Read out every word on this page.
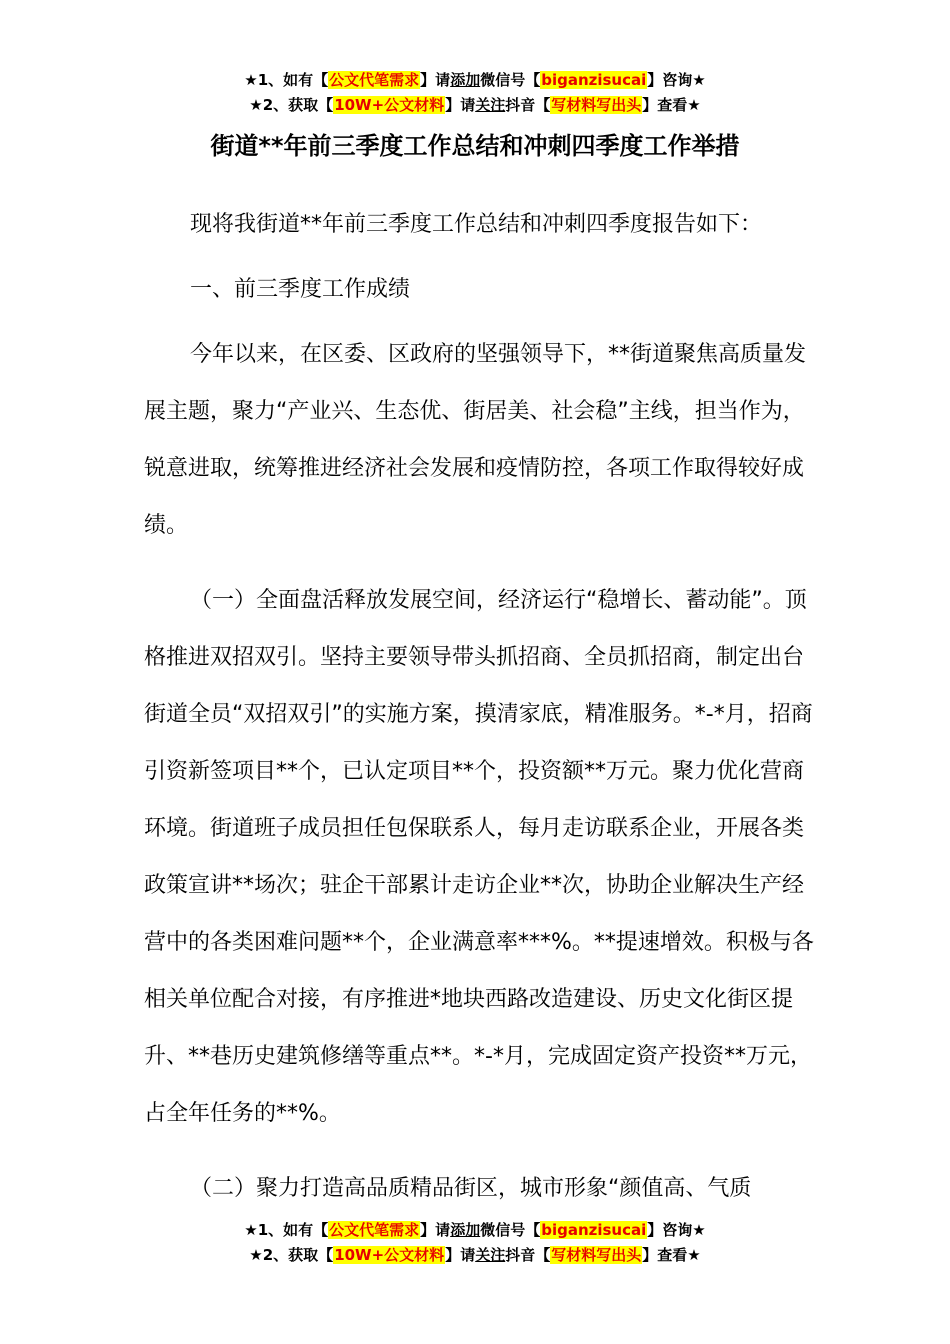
★1、如有【公文代笔需求】请添加微信号【biganzisucai】咨询★
★2、获取【10W+公文材料】请关注抖音【写材料写出头】查看★
街道**年前三季度工作总结和冲刺四季度工作举措

现将我街道**年前三季度工作总结和冲刺四季度报告如下：

一、前三季度工作成绩

今年以来，在区委、区政府的坚强领导下，**街道聚焦高质量发展主题，聚力“产业兴、生态优、街居美、社会稳”主线，担当作为，锐意进取，统筹推进经济社会发展和疫情防控，各项工作取得较好成绩。

（一）全面盘活释放发展空间，经济运行“稳增长、蓄动能”。顶格推进双招双引。坚持主要领导带头抓招商、全员抓招商，制定出台街道全员“双招双引”的实施方案，摸清家底，精准服务。*-*月，招商引资新签项目**个，已认定项目**个，投资额**万元。聚力优化营商环境。街道班子成员担任包保联系人，每月走访联系企业，开展各类政策宣讲**场次；驻企干部累计走访企业**次，协助企业解决生产经营中的各类困难问题**个，企业满意率***%。**提速增效。积极与各相关单位配合对接，有序推进*地块西路改造建设、历史文化街区提升、**巷历史建筑修缮等重点**。*-*月，完成固定资产投资**万元，占全年任务的**%。

（二）聚力打造高品质精品街区，城市形象“颜值高、气质

★1、如有【公文代笔需求】请添加微信号【biganzisucai】咨询★
★2、获取【10W+公文材料】请关注抖音【写材料写出头】查看★
